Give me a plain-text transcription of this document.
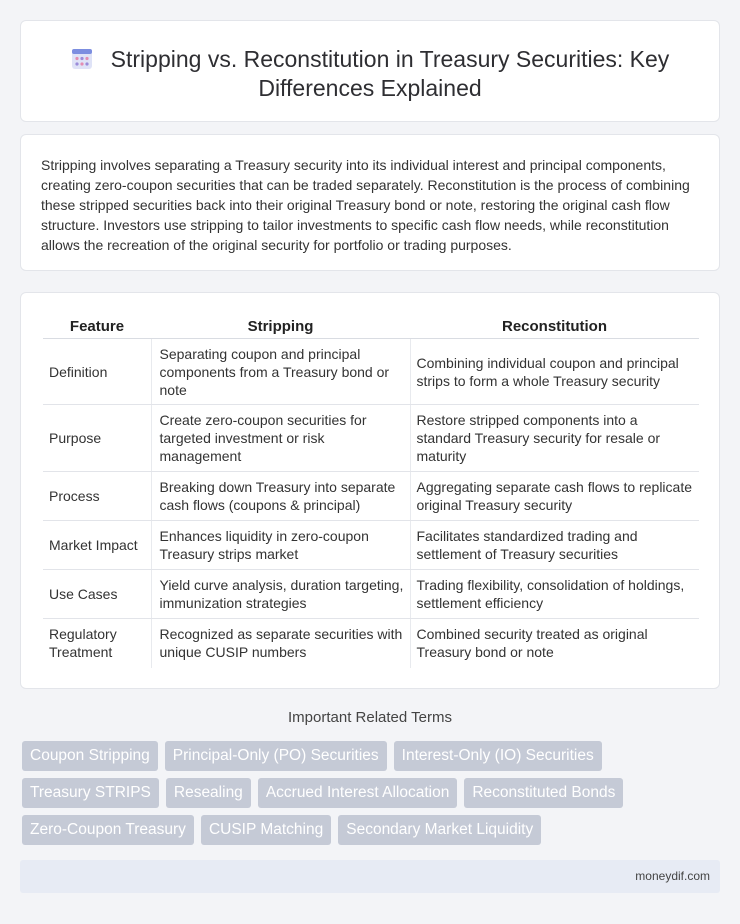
Stripping vs. Reconstitution in Treasury Securities: Key Differences Explained

Stripping involves separating a Treasury security into its individual interest and principal components, creating zero-coupon securities that can be traded separately. Reconstitution is the process of combining these stripped securities back into their original Treasury bond or note, restoring the original cash flow structure. Investors use stripping to tailor investments to specific cash flow needs, while reconstitution allows the recreation of the original security for portfolio or trading purposes.

Feature	Stripping	Reconstitution
Definition	Separating coupon and principal components from a Treasury bond or note	Combining individual coupon and principal strips to form a whole Treasury security
Purpose	Create zero-coupon securities for targeted investment or risk management	Restore stripped components into a standard Treasury security for resale or maturity
Process	Breaking down Treasury into separate cash flows (coupons & principal)	Aggregating separate cash flows to replicate original Treasury security
Market Impact	Enhances liquidity in zero-coupon Treasury strips market	Facilitates standardized trading and settlement of Treasury securities
Use Cases	Yield curve analysis, duration targeting, immunization strategies	Trading flexibility, consolidation of holdings, settlement efficiency
Regulatory Treatment	Recognized as separate securities with unique CUSIP numbers	Combined security treated as original Treasury bond or note
Important Related Terms
Coupon Stripping	Principal-Only (PO) Securities	Interest-Only (IO) Securities
Treasury STRIPS	Resealing	Accrued Interest Allocation	Reconstituted Bonds
Zero-Coupon Treasury	CUSIP Matching	Secondary Market Liquidity
moneydif.com
